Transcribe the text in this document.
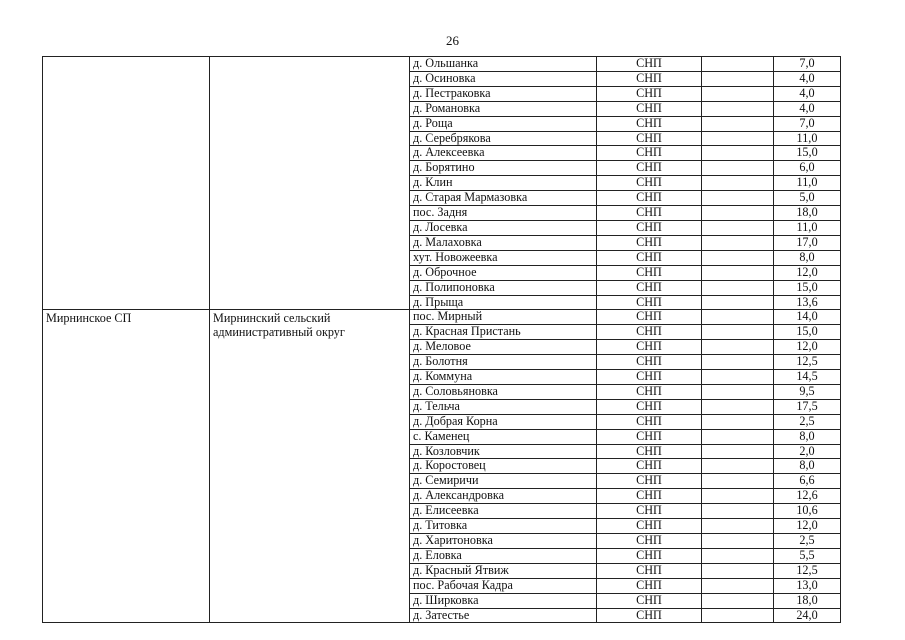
26
		д. Ольшанка	СНП		7,0
		д. Осиновка	СНП		4,0
		д. Пестраковка	СНП		4,0
		д. Романовка	СНП		4,0
		д. Роща	СНП		7,0
		д. Серебрякова	СНП		11,0
		д. Алексеевка	СНП		15,0
		д. Борятино	СНП		6,0
		д. Клин	СНП		11,0
		д. Старая Мармазовка	СНП		5,0
		пос. Задня	СНП		18,0
		д. Лосевка	СНП		11,0
		д. Малаховка	СНП		17,0
		хут. Новожеевка	СНП		8,0
		д. Оброчное	СНП		12,0
		д. Полипоновка	СНП		15,0
		д. Прыща	СНП		13,6
Мирнинское СП	Мирнинский сельский административный округ	пос. Мирный	СНП		14,0
		д. Красная Пристань	СНП		15,0
		д. Меловое	СНП		12,0
		д. Болотня	СНП		12,5
		д. Коммуна	СНП		14,5
		д. Соловьяновка	СНП		9,5
		д. Тельча	СНП		17,5
		д. Добрая Корна	СНП		2,5
		с. Каменец	СНП		8,0
		д. Козловчик	СНП		2,0
		д. Коростовец	СНП		8,0
		д. Семиричи	СНП		6,6
		д. Александровка	СНП		12,6
		д. Елисеевка	СНП		10,6
		д. Титовка	СНП		12,0
		д. Харитоновка	СНП		2,5
		д. Еловка	СНП		5,5
		д. Красный Ятвиж	СНП		12,5
		пос. Рабочая Кадра	СНП		13,0
		д. Ширковка	СНП		18,0
		д. Затестье	СНП		24,0
